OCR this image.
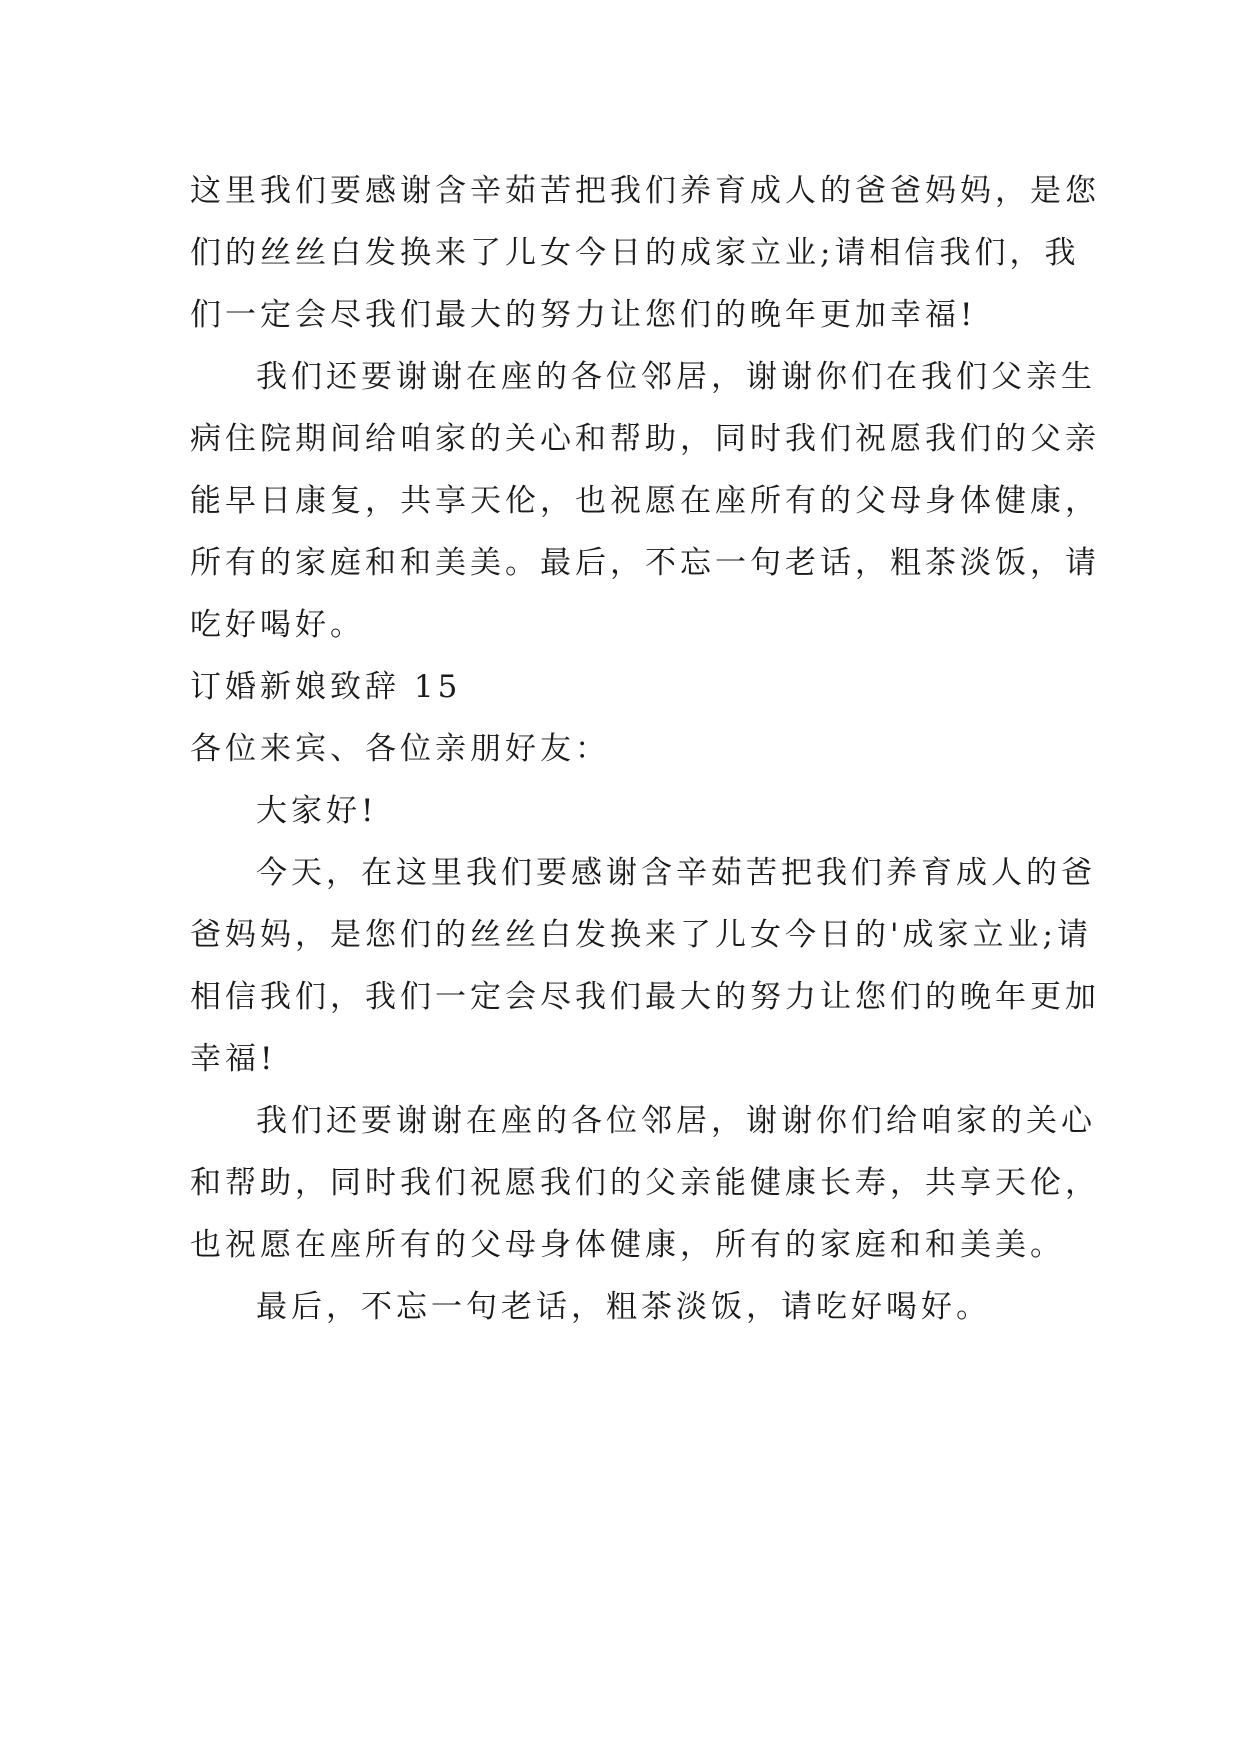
这里我们要感谢含辛茹苦把我们养育成人的爸爸妈妈，是您
们的丝丝白发换来了儿女今日的成家立业;请相信我们，我
们一定会尽我们最大的努力让您们的晚年更加幸福!
我们还要谢谢在座的各位邻居，谢谢你们在我们父亲生
病住院期间给咱家的关心和帮助，同时我们祝愿我们的父亲
能早日康复，共享天伦，也祝愿在座所有的父母身体健康，
所有的家庭和和美美。最后，不忘一句老话，粗茶淡饭，请
吃好喝好。
订婚新娘致辞 15
各位来宾、各位亲朋好友：
大家好!
今天，在这里我们要感谢含辛茹苦把我们养育成人的爸
爸妈妈，是您们的丝丝白发换来了儿女今日的'成家立业;请
相信我们，我们一定会尽我们最大的努力让您们的晚年更加
幸福!
我们还要谢谢在座的各位邻居，谢谢你们给咱家的关心
和帮助，同时我们祝愿我们的父亲能健康长寿，共享天伦，
也祝愿在座所有的父母身体健康，所有的家庭和和美美。
最后，不忘一句老话，粗茶淡饭，请吃好喝好。
